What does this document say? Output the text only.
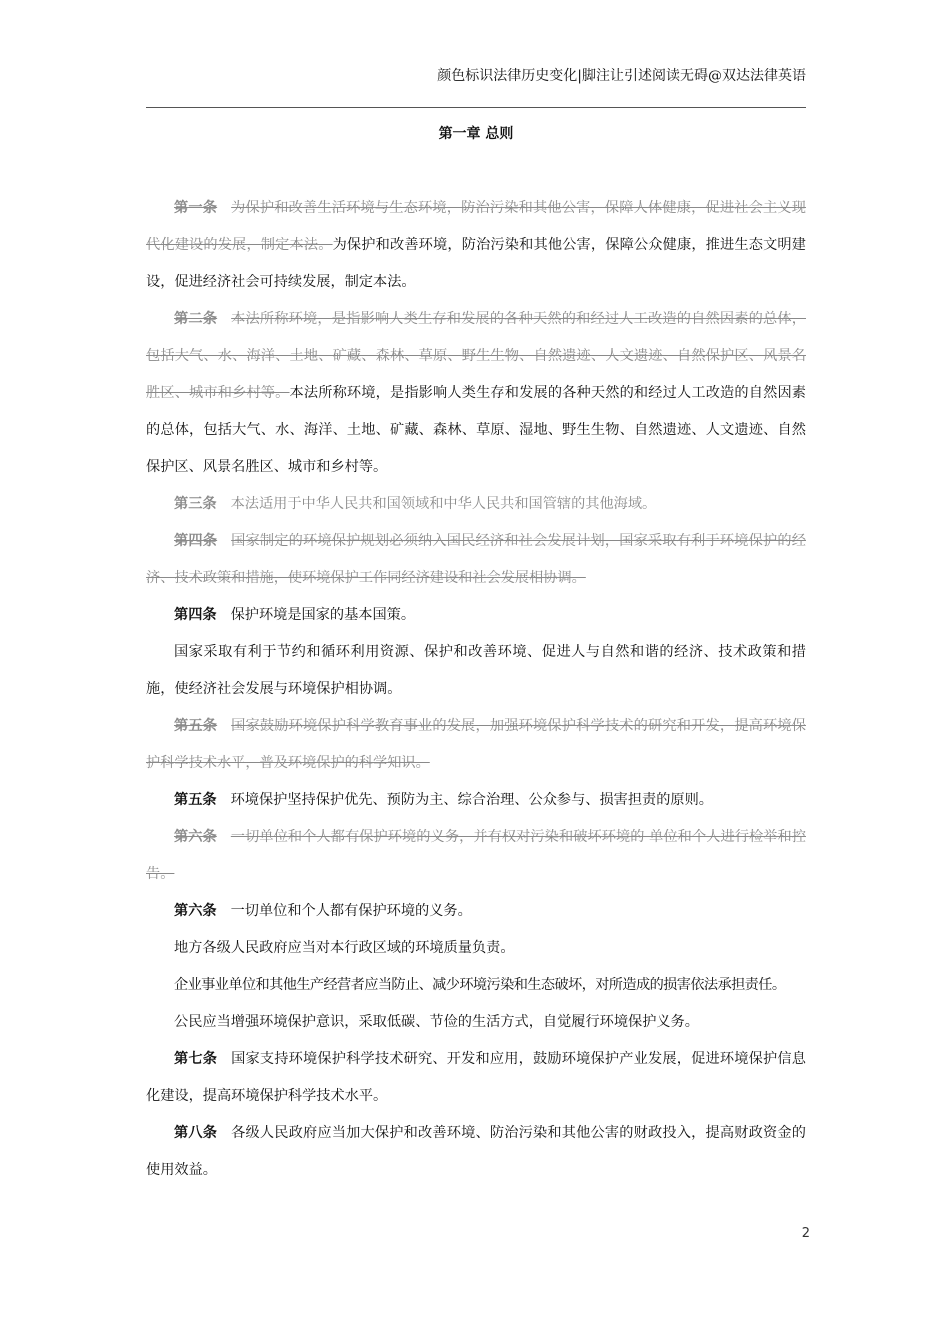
颜色标识法律历史变化|脚注让引述阅读无碍@双达法律英语
第一章 总则

第一条 为保护和改善生活环境与生态环境，防治污染和其他公害，保障人体健康，促进社会主义现代化建设的发展，制定本法。为保护和改善环境，防治污染和其他公害，保障公众健康，推进生态文明建设，促进经济社会可持续发展，制定本法。

第二条 本法所称环境，是指影响人类生存和发展的各种天然的和经过人工改造的自然因素的总体，包括大气、水、海洋、土地、矿藏、森林、草原、野生生物、自然遗迹、人文遗迹、自然保护区、风景名胜区、城市和乡村等。本法所称环境，是指影响人类生存和发展的各种天然的和经过人工改造的自然因素的总体，包括大气、水、海洋、土地、矿藏、森林、草原、湿地、野生生物、自然遗迹、人文遗迹、自然保护区、风景名胜区、城市和乡村等。

第三条 本法适用于中华人民共和国领域和中华人民共和国管辖的其他海域。

第四条 国家制定的环境保护规划必须纳入国民经济和社会发展计划，国家采取有利于环境保护的经济、技术政策和措施，使环境保护工作同经济建设和社会发展相协调。

第四条 保护环境是国家的基本国策。

国家采取有利于节约和循环利用资源、保护和改善环境、促进人与自然和谐的经济、技术政策和措施，使经济社会发展与环境保护相协调。

第五条 国家鼓励环境保护科学教育事业的发展，加强环境保护科学技术的研究和开发，提高环境保护科学技术水平，普及环境保护的科学知识。

第五条 环境保护坚持保护优先、预防为主、综合治理、公众参与、损害担责的原则。

第六条 一切单位和个人都有保护环境的义务，并有权对污染和破坏环境的 单位和个人进行检举和控告。

第六条 一切单位和个人都有保护环境的义务。

地方各级人民政府应当对本行政区域的环境质量负责。

企业事业单位和其他生产经营者应当防止、减少环境污染和生态破坏，对所造成的损害依法承担责任。

公民应当增强环境保护意识，采取低碳、节俭的生活方式，自觉履行环境保护义务。

第七条 国家支持环境保护科学技术研究、开发和应用，鼓励环境保护产业发展，促进环境保护信息化建设，提高环境保护科学技术水平。

第八条 各级人民政府应当加大保护和改善环境、防治污染和其他公害的财政投入，提高财政资金的使用效益。

2
